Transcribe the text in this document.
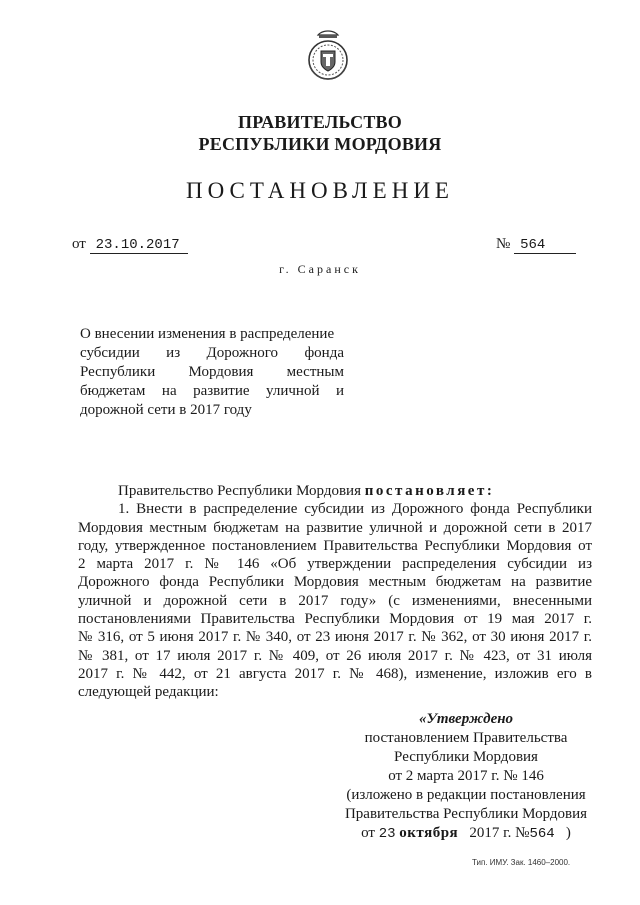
ПРАВИТЕЛЬСТВО
РЕСПУБЛИКИ МОРДОВИЯ
ПОСТАНОВЛЕНИЕ
от 23.10.2017	№ 564
г. Саранск
О внесении изменения в распределение
субсидии из Дорожного фонда
Республики Мордовия местным
бюджетам на развитие уличной и
дорожной сети в 2017 году
Правительство Республики Мордовия постановляет:
1. Внести в распределение субсидии из Дорожного фонда Республики
Мордовия местным бюджетам на развитие уличной и дорожной сети в 2017
году, утвержденное постановлением Правительства Республики Мордовия от
2 марта 2017 г. № 146 «Об утверждении распределения субсидии из
Дорожного фонда Республики Мордовия местным бюджетам на развитие
уличной и дорожной сети в 2017 году» (с изменениями, внесенными
постановлениями Правительства Республики Мордовия от 19 мая 2017 г.
№ 316, от 5 июня 2017 г. № 340, от 23 июня 2017 г. № 362, от 30 июня 2017 г.
№ 381, от 17 июля 2017 г. № 409, от 26 июля 2017 г. № 423, от 31 июля
2017 г. № 442, от 21 августа 2017 г. № 468), изменение, изложив его в
следующей редакции:
«Утверждено
постановлением Правительства
Республики Мордовия
от 2 марта 2017 г. № 146
(изложено в редакции постановления
Правительства Республики Мордовия
от 23 октября 2017 г. №564 )
Тип. ИМУ. Зак. 1460–2000.
